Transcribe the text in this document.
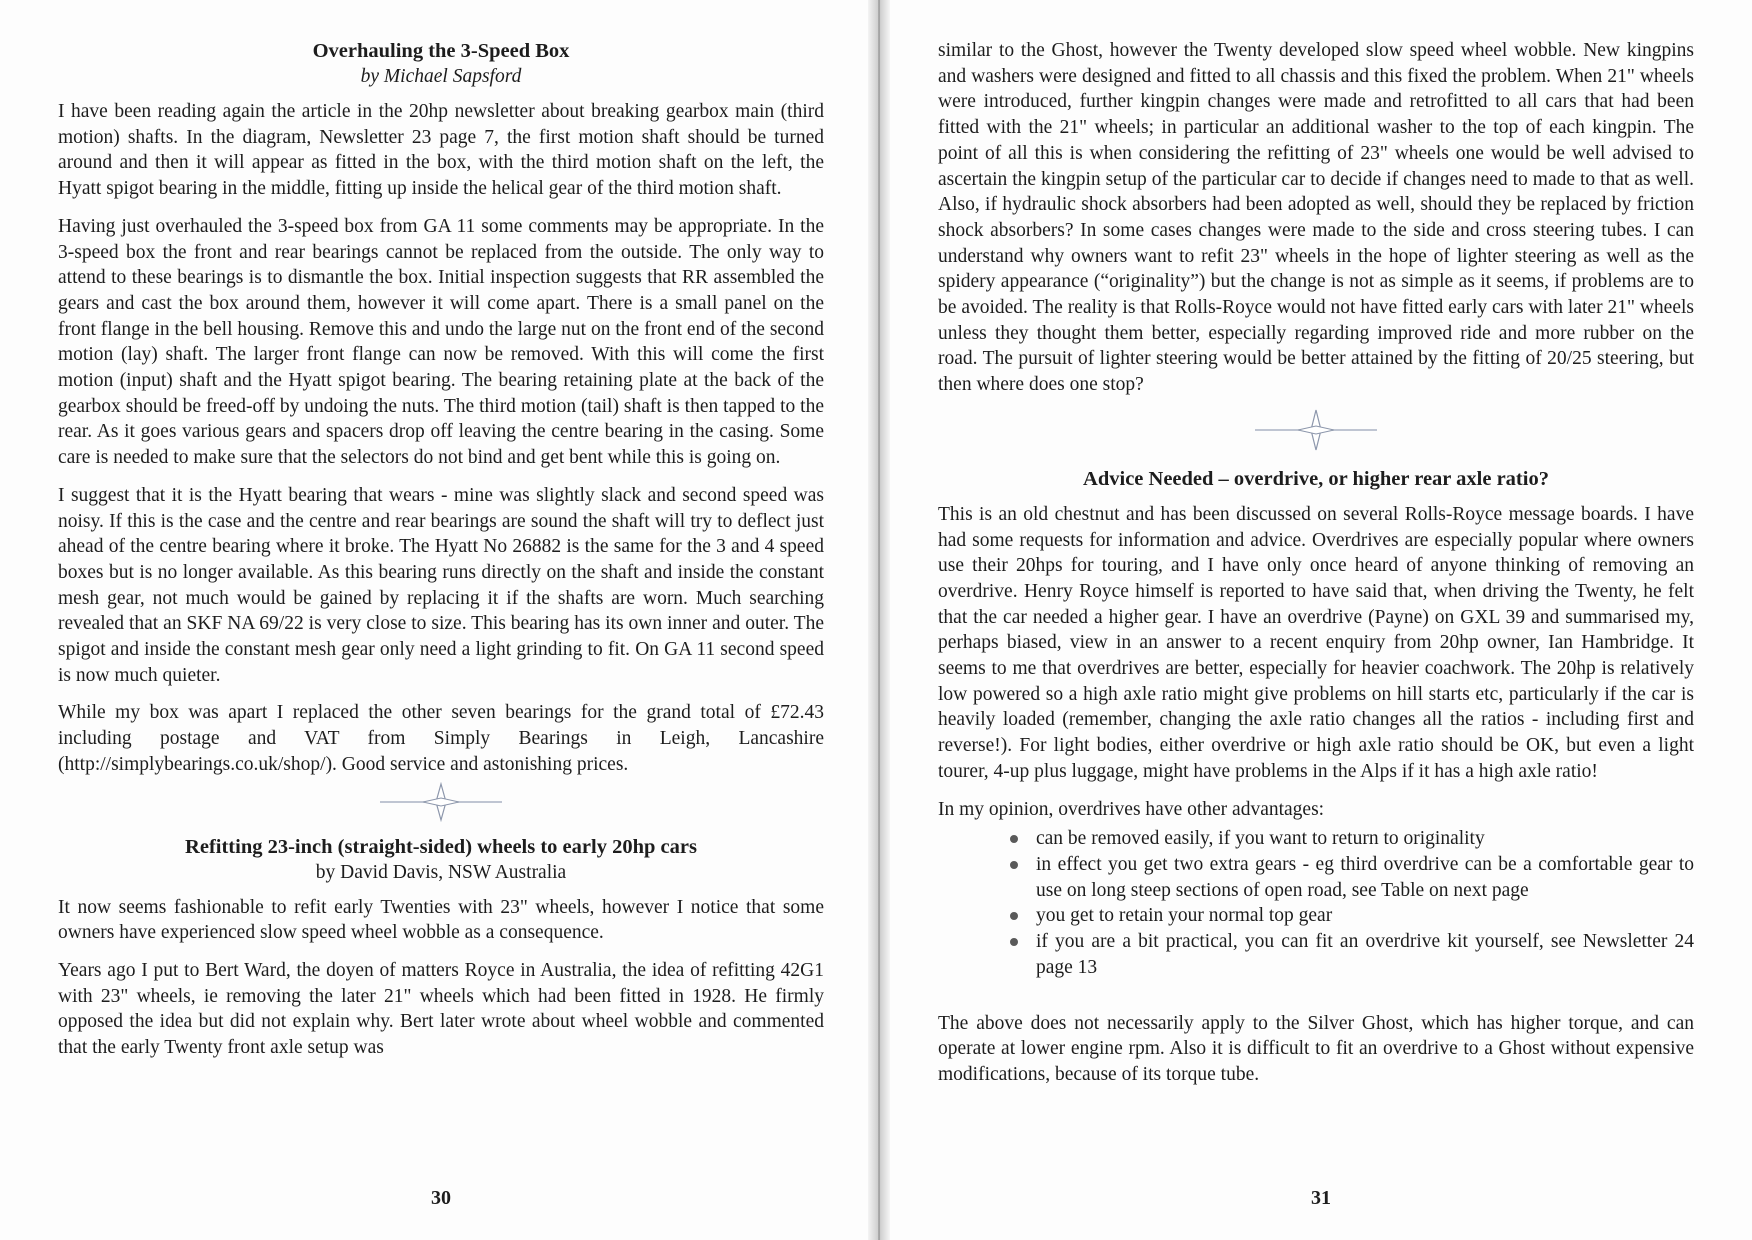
Overhauling the 3-Speed Box
by Michael Sapsford

I have been reading again the article in the 20hp newsletter about breaking gearbox main (third motion) shafts. In the diagram, Newsletter 23 page 7, the first motion shaft should be turned around and then it will appear as fitted in the box, with the third motion shaft on the left, the Hyatt spigot bearing in the middle, fitting up inside the helical gear of the third motion shaft.

Having just overhauled the 3-speed box from GA 11 some comments may be appropriate. In the 3-speed box the front and rear bearings cannot be replaced from the outside. The only way to attend to these bearings is to dismantle the box. Initial inspection suggests that RR assembled the gears and cast the box around them, however it will come apart. There is a small panel on the front flange in the bell housing. Remove this and undo the large nut on the front end of the second motion (lay) shaft. The larger front flange can now be removed. With this will come the first motion (input) shaft and the Hyatt spigot bearing. The bearing retaining plate at the back of the gearbox should be freed-off by undoing the nuts. The third motion (tail) shaft is then tapped to the rear. As it goes various gears and spacers drop off leaving the centre bearing in the casing. Some care is needed to make sure that the selectors do not bind and get bent while this is going on.

I suggest that it is the Hyatt bearing that wears - mine was slightly slack and second speed was noisy. If this is the case and the centre and rear bearings are sound the shaft will try to deflect just ahead of the centre bearing where it broke. The Hyatt No 26882 is the same for the 3 and 4 speed boxes but is no longer available. As this bearing runs directly on the shaft and inside the constant mesh gear, not much would be gained by replacing it if the shafts are worn. Much searching revealed that an SKF NA 69/22 is very close to size. This bearing has its own inner and outer. The spigot and inside the constant mesh gear only need a light grinding to fit. On GA 11 second speed is now much quieter.

While my box was apart I replaced the other seven bearings for the grand total of £72.43 including postage and VAT from Simply Bearings in Leigh, Lancashire (http://simplybearings.co.uk/shop/). Good service and astonishing prices.

Refitting 23-inch (straight-sided) wheels to early 20hp cars
by David Davis, NSW Australia

It now seems fashionable to refit early Twenties with 23" wheels, however I notice that some owners have experienced slow speed wheel wobble as a consequence.

Years ago I put to Bert Ward, the doyen of matters Royce in Australia, the idea of refitting 42G1 with 23" wheels, ie removing the later 21" wheels which had been fitted in 1928. He firmly opposed the idea but did not explain why. Bert later wrote about wheel wobble and commented that the early Twenty front axle setup was

30

similar to the Ghost, however the Twenty developed slow speed wheel wobble. New kingpins and washers were designed and fitted to all chassis and this fixed the problem. When 21" wheels were introduced, further kingpin changes were made and retrofitted to all cars that had been fitted with the 21" wheels; in particular an additional washer to the top of each kingpin. The point of all this is when considering the refitting of 23" wheels one would be well advised to ascertain the kingpin setup of the particular car to decide if changes need to made to that as well. Also, if hydraulic shock absorbers had been adopted as well, should they be replaced by friction shock absorbers? In some cases changes were made to the side and cross steering tubes. I can understand why owners want to refit 23" wheels in the hope of lighter steering as well as the spidery appearance (“originality”) but the change is not as simple as it seems, if problems are to be avoided. The reality is that Rolls-Royce would not have fitted early cars with later 21" wheels unless they thought them better, especially regarding improved ride and more rubber on the road. The pursuit of lighter steering would be better attained by the fitting of 20/25 steering, but then where does one stop?

Advice Needed – overdrive, or higher rear axle ratio?

This is an old chestnut and has been discussed on several Rolls-Royce message boards. I have had some requests for information and advice. Overdrives are especially popular where owners use their 20hps for touring, and I have only once heard of anyone thinking of removing an overdrive. Henry Royce himself is reported to have said that, when driving the Twenty, he felt that the car needed a higher gear. I have an overdrive (Payne) on GXL 39 and summarised my, perhaps biased, view in an answer to a recent enquiry from 20hp owner, Ian Hambridge. It seems to me that overdrives are better, especially for heavier coachwork. The 20hp is relatively low powered so a high axle ratio might give problems on hill starts etc, particularly if the car is heavily loaded (remember, changing the axle ratio changes all the ratios - including first and reverse!). For light bodies, either overdrive or high axle ratio should be OK, but even a light tourer, 4-up plus luggage, might have problems in the Alps if it has a high axle ratio!

In my opinion, overdrives have other advantages:

can be removed easily, if you want to return to originality
in effect you get two extra gears - eg third overdrive can be a comfortable gear to use on long steep sections of open road, see Table on next page
you get to retain your normal top gear
if you are a bit practical, you can fit an overdrive kit yourself, see Newsletter 24 page 13

The above does not necessarily apply to the Silver Ghost, which has higher torque, and can operate at lower engine rpm. Also it is difficult to fit an overdrive to a Ghost without expensive modifications, because of its torque tube.

31
